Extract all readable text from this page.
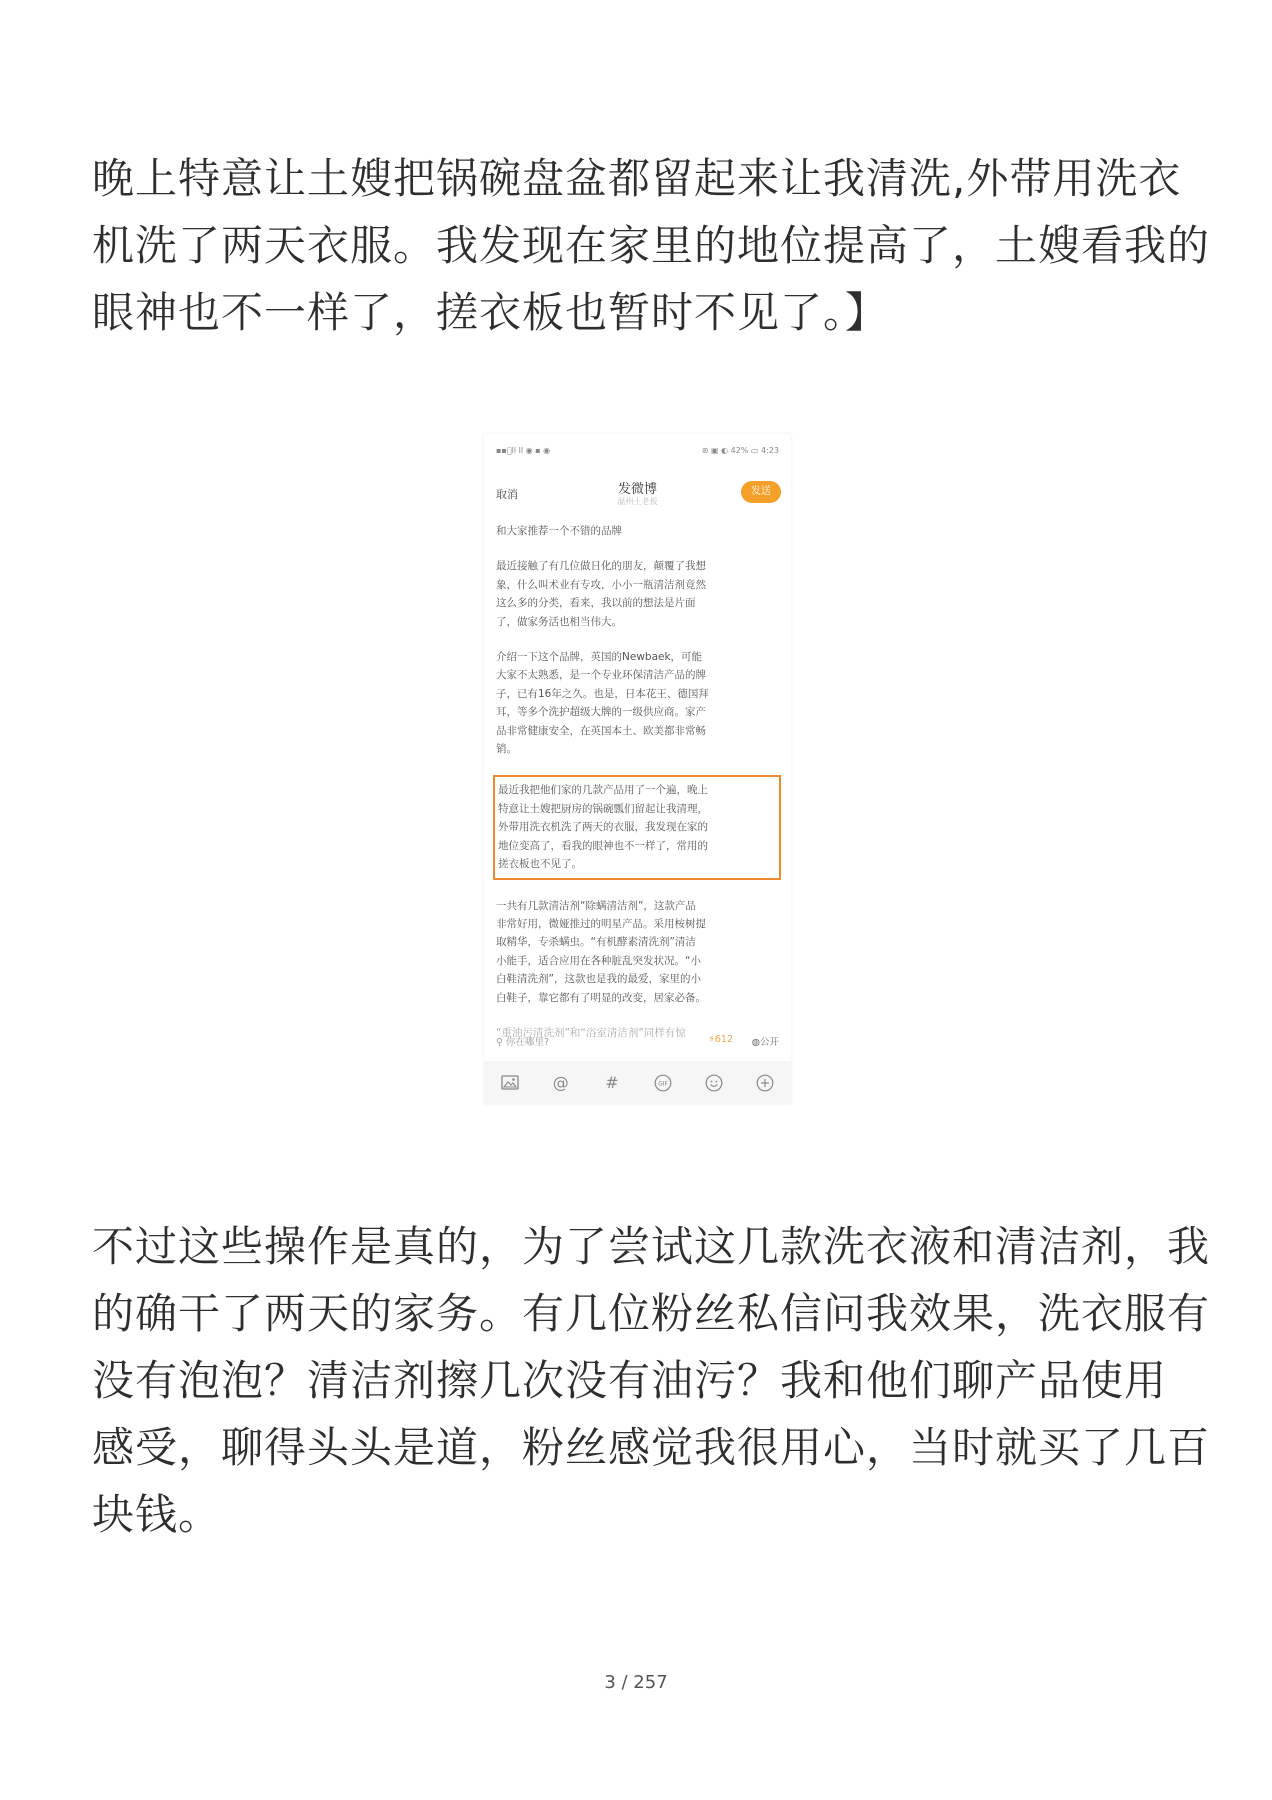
晚上特意让土嫂把锅碗盘盆都留起来让我清洗,外带用洗衣
机洗了两天衣服。我发现在家里的地位提高了，土嫂看我的
眼神也不一样了，搓衣板也暂时不见了。】
▪▪᪲ll ll ◉ ▪ ◉	⊛ ▣ ◐ 42% ▭ 4:23
取消	发微博
温州土老板
发送
和大家推荐一个不错的品牌
最近接触了有几位做日化的朋友，颠覆了我想
象，什么叫术业有专攻，小小一瓶清洁剂竟然
这么多的分类，看来，我以前的想法是片面
了，做家务活也相当伟大。
介绍一下这个品牌，英国的Newbaek，可能
大家不太熟悉，是一个专业环保清洁产品的牌
子，已有16年之久。也是，日本花王、德国拜
耳，等多个洗护超级大牌的一级供应商。家产
品非常健康安全，在英国本土、欧美都非常畅
销。
最近我把他们家的几款产品用了一个遍，晚上
特意让土嫂把厨房的锅碗瓢们留起让我清理，
外带用洗衣机洗了两天的衣服，我发现在家的
地位变高了，看我的眼神也不一样了，常用的
搓衣板也不见了。
一共有几款清洁剂“除螨清洁剂”，这款产品
非常好用，微娅推过的明星产品。采用桉树提
取精华，专杀螨虫。“有机酵素清洗剂”清洁
小能手，适合应用在各种脏乱突发状况。“小
白鞋清洗剂”，这款也是我的最爱，家里的小
白鞋子，靠它都有了明显的改变，居家必备。
“重油污清洗剂”和“浴室清洁剂”同样有惊
⚲ 你在哪里?	⚡612 ◍公开
@ #	GIF
不过这些操作是真的，为了尝试这几款洗衣液和清洁剂，我
的确干了两天的家务。有几位粉丝私信问我效果，洗衣服有
没有泡泡？清洁剂擦几次没有油污？我和他们聊产品使用
感受，聊得头头是道，粉丝感觉我很用心，当时就买了几百
块钱。
3 / 257
